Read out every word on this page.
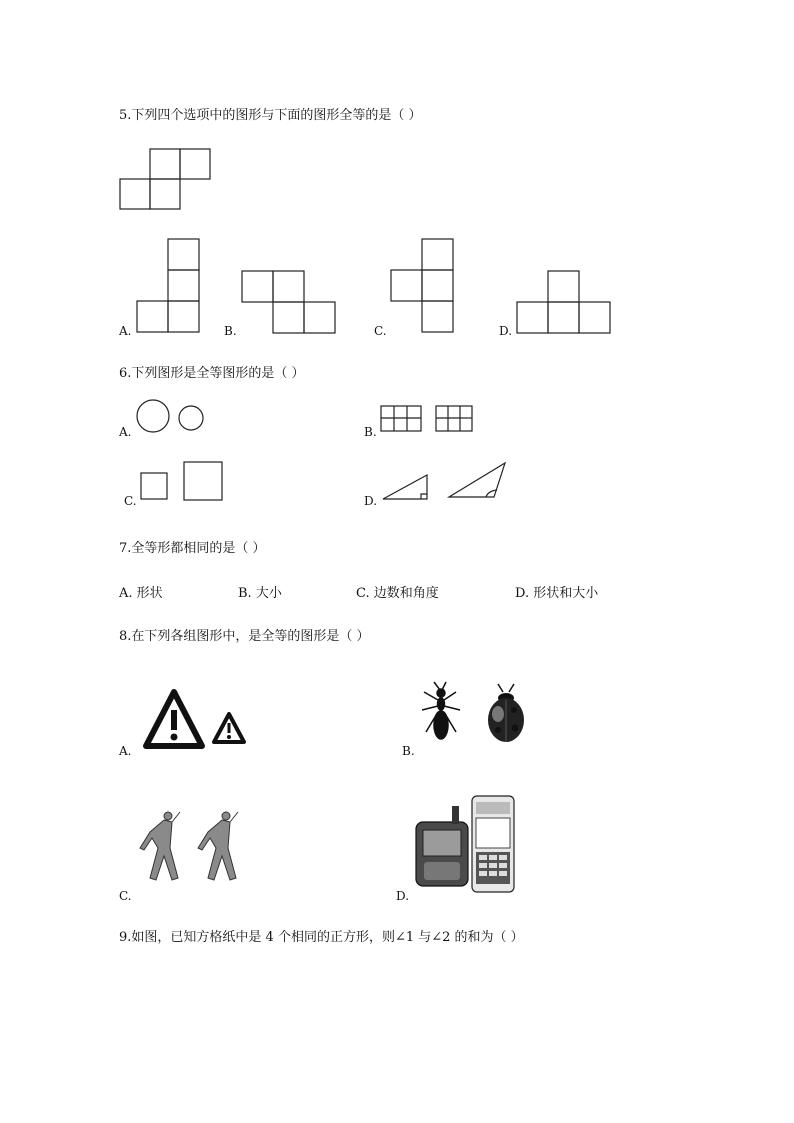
5.下列四个选项中的图形与下面的图形全等的是（ ）
A.	B.	C.	D.
6.下列图形是全等图形的是（ ）
A.	B.
C.	D.
7.全等形都相同的是（ ）
A. 形状	B. 大小	C. 边数和角度	D. 形状和大小
8.在下列各组图形中，是全等的图形是（ ）
A.	B.
C.	D.
9.如图，已知方格纸中是 4 个相同的正方形，则∠1 与∠2 的和为（ ）
